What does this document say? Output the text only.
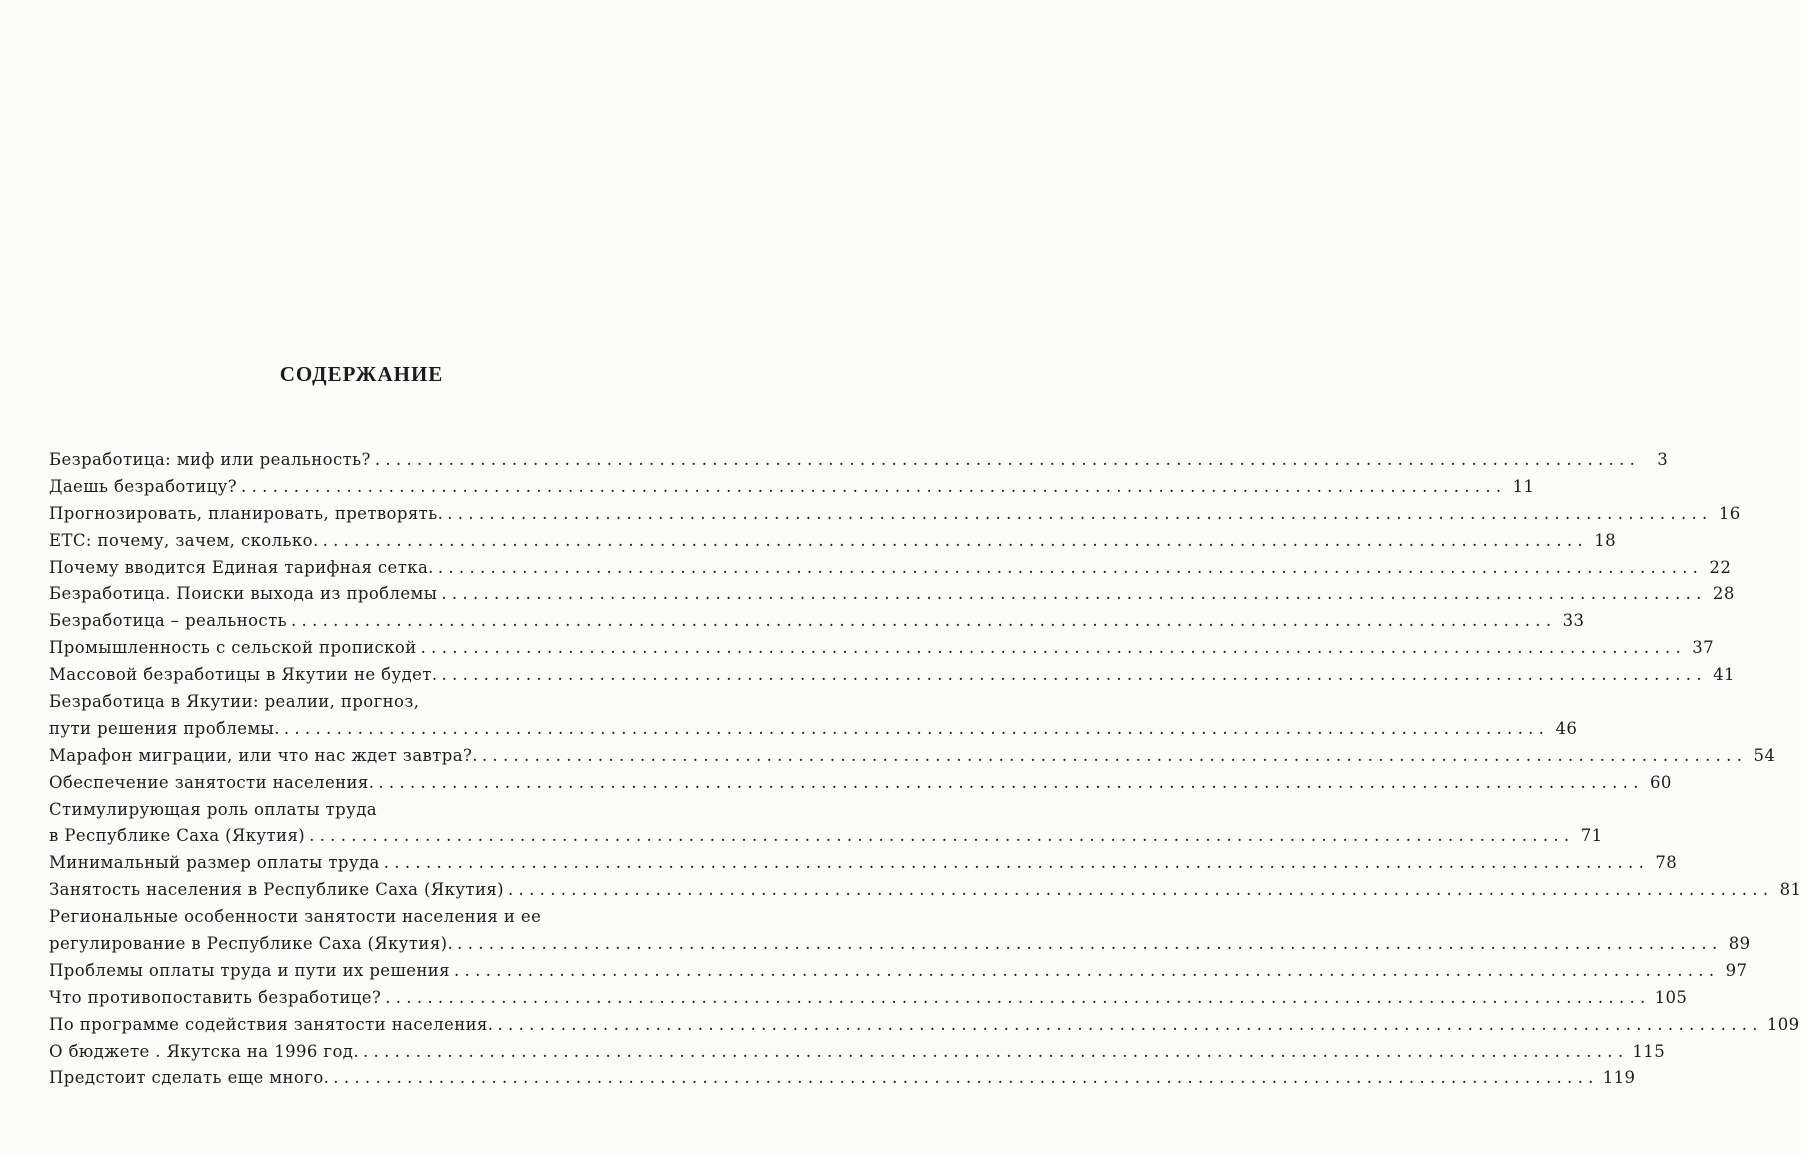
СОДЕРЖАНИЕ
Безработица: миф или реальность? ........................................................................................................................	3
Даешь безработицу? ........................................................................................................................ 11
Прогнозировать, планировать, претворять. ........................................................................................................................ 16
ЕТС: почему, зачем, сколько. ........................................................................................................................ 18
Почему вводится Единая тарифная сетка. ........................................................................................................................ 22
Безработица. Поиски выхода из проблемы ........................................................................................................................ 28
Безработица – реальность ........................................................................................................................ 33
Промышленность с сельской пропиской ........................................................................................................................ 37
Массовой безработицы в Якутии не будет. ........................................................................................................................ 41
Безработица в Якутии: реалии, прогноз,
пути решения проблемы. ........................................................................................................................ 46
Марафон миграции, или что нас ждет завтра?. ........................................................................................................................ 54
Обеспечение занятости населения. ........................................................................................................................ 60
Стимулирующая роль оплаты труда
в Республике Саха (Якутия) ........................................................................................................................ 71
Минимальный размер оплаты труда ........................................................................................................................ 78
Занятость населения в Республике Саха (Якутия) ........................................................................................................................ 81
Региональные особенности занятости населения и ее
регулирование в Республике Саха (Якутия). ........................................................................................................................ 89
Проблемы оплаты труда и пути их решения ........................................................................................................................ 97
Что противопоставить безработице? ........................................................................................................................ 105
По программе содействия занятости населения. ........................................................................................................................ 109
О бюджете . Якутска на 1996 год. ........................................................................................................................ 115
Предстоит сделать еще много. ........................................................................................................................ 119
